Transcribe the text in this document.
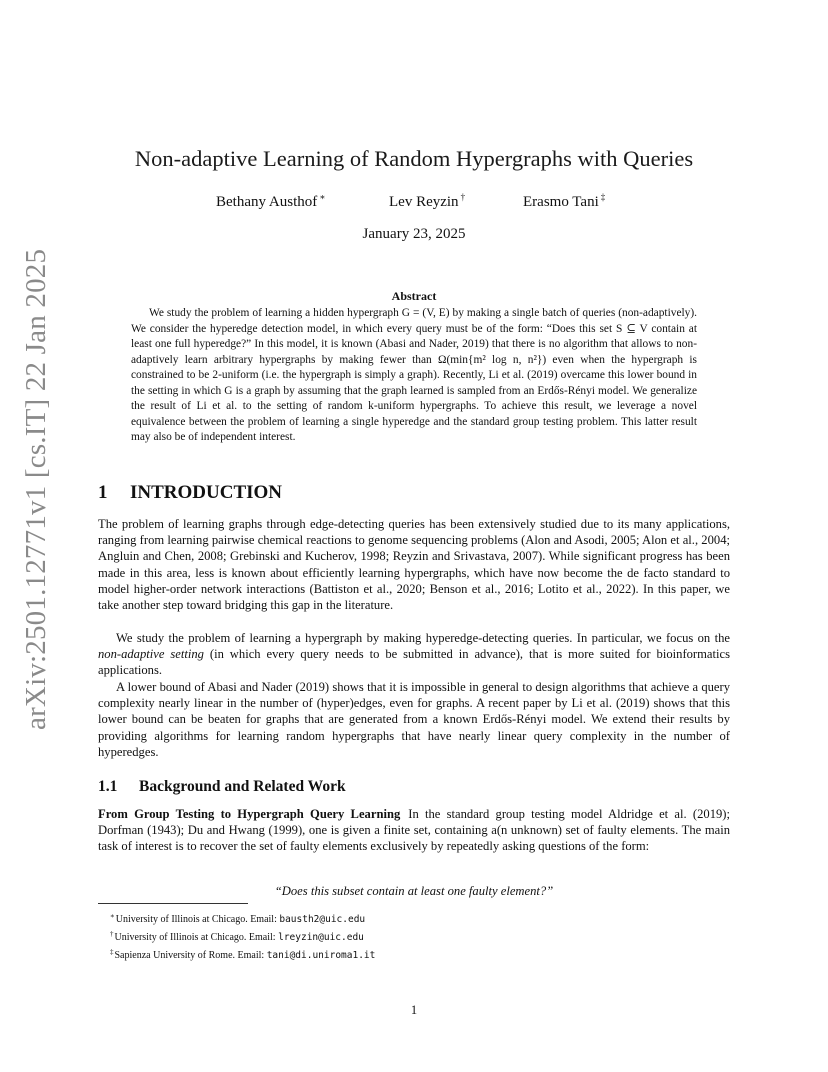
arXiv:2501.12771v1 [cs.IT] 22 Jan 2025
Non-adaptive Learning of Random Hypergraphs with Queries
Bethany Austhof ∗	Lev Reyzin †	Erasmo Tani ‡
January 23, 2025
Abstract
We study the problem of learning a hidden hypergraph G = (V, E) by making a single batch of queries (non-adaptively). We consider the hyperedge detection model, in which every query must be of the form: “Does this set S ⊆ V contain at least one full hyperedge?” In this model, it is known (Abasi and Nader, 2019) that there is no algorithm that allows to non-adaptively learn arbitrary hypergraphs by making fewer than Ω(min{m² log n, n²}) even when the hypergraph is constrained to be 2-uniform (i.e. the hypergraph is simply a graph). Recently, Li et al. (2019) overcame this lower bound in the setting in which G is a graph by assuming that the graph learned is sampled from an Erdős-Rényi model. We generalize the result of Li et al. to the setting of random k-uniform hypergraphs. To achieve this result, we leverage a novel equivalence between the problem of learning a single hyperedge and the standard group testing problem. This latter result may also be of independent interest.
1 INTRODUCTION
The problem of learning graphs through edge-detecting queries has been extensively studied due to its many applications, ranging from learning pairwise chemical reactions to genome sequencing problems (Alon and Asodi, 2005; Alon et al., 2004; Angluin and Chen, 2008; Grebinski and Kucherov, 1998; Reyzin and Srivastava, 2007). While significant progress has been made in this area, less is known about efficiently learning hypergraphs, which have now become the de facto standard to model higher-order network interactions (Battiston et al., 2020; Benson et al., 2016; Lotito et al., 2022). In this paper, we take another step toward bridging this gap in the literature.
We study the problem of learning a hypergraph by making hyperedge-detecting queries. In particular, we focus on the non-adaptive setting (in which every query needs to be submitted in advance), that is more suited for bioinformatics applications.
A lower bound of Abasi and Nader (2019) shows that it is impossible in general to design algorithms that achieve a query complexity nearly linear in the number of (hyper)edges, even for graphs. A recent paper by Li et al. (2019) shows that this lower bound can be beaten for graphs that are generated from a known Erdős-Rényi model. We extend their results by providing algorithms for learning random hypergraphs that have nearly linear query complexity in the number of hyperedges.
1.1 Background and Related Work
From Group Testing to Hypergraph Query Learning In the standard group testing model Aldridge et al. (2019); Dorfman (1943); Du and Hwang (1999), one is given a finite set, containing a(n unknown) set of faulty elements. The main task of interest is to recover the set of faulty elements exclusively by repeatedly asking questions of the form:
“Does this subset contain at least one faulty element?”
∗University of Illinois at Chicago. Email: bausth2@uic.edu
†University of Illinois at Chicago. Email: lreyzin@uic.edu
‡Sapienza University of Rome. Email: tani@di.uniroma1.it
1
